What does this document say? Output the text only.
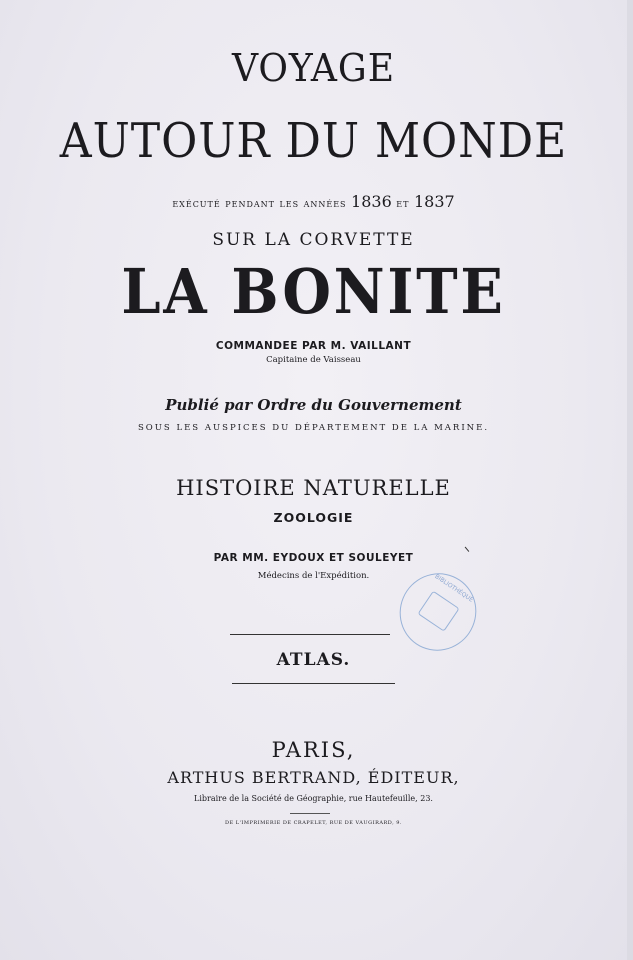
VOYAGE
AUTOUR DU MONDE
exécuté pendant les années 1836 et 1837
SUR LA CORVETTE
LA BONITE
COMMANDEE PAR M. VAILLANT
Capitaine de Vaisseau
Publié par Ordre du Gouvernement
SOUS LES AUSPICES DU DÉPARTEMENT DE LA MARINE.
HISTOIRE NATURELLE
ZOOLOGIE
PAR MM. EYDOUX ET SOULEYET
Médecins de l'Expédition.	BIBLIOTHÈQUE
ATLAS.
PARIS,
ARTHUS BERTRAND, ÉDITEUR,
Libraire de la Société de Géographie, rue Hautefeuille, 23.
DE L'IMPRIMERIE DE CRAPELET, RUE DE VAUGIRARD, 9.
